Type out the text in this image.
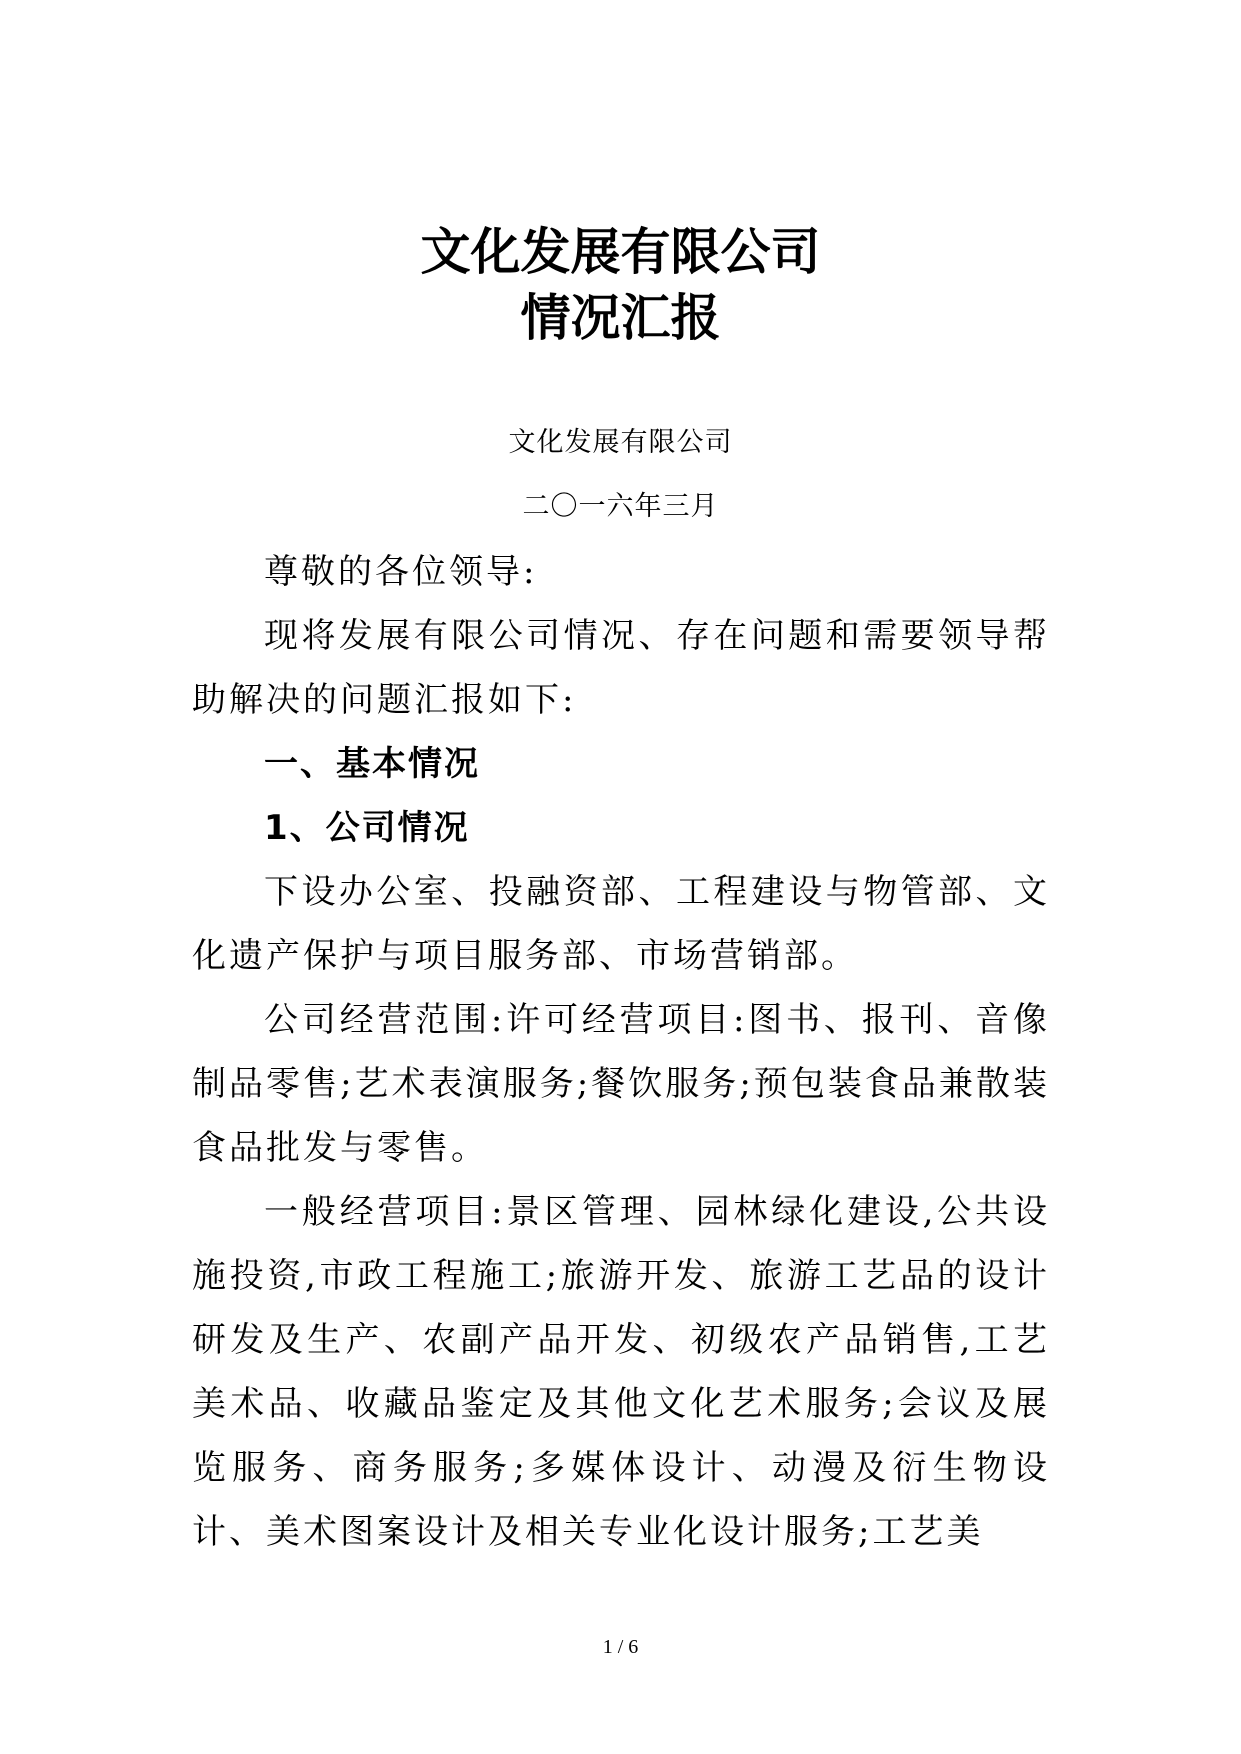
文化发展有限公司
情况汇报

文化发展有限公司

二〇一六年三月

尊敬的各位领导:

现将发展有限公司情况、存在问题和需要领导帮助解决的问题汇报如下:

一、基本情况

1、公司情况

下设办公室、投融资部、工程建设与物管部、文化遗产保护与项目服务部、市场营销部。

公司经营范围:许可经营项目:图书、报刊、音像制品零售;艺术表演服务;餐饮服务;预包装食品兼散装食品批发与零售。

一般经营项目:景区管理、园林绿化建设,公共设施投资,市政工程施工;旅游开发、旅游工艺品的设计研发及生产、农副产品开发、初级农产品销售,工艺美术品、收藏品鉴定及其他文化艺术服务;会议及展览服务、商务服务;多媒体设计、动漫及衍生物设计、美术图案设计及相关专业化设计服务;工艺美

1 / 6
